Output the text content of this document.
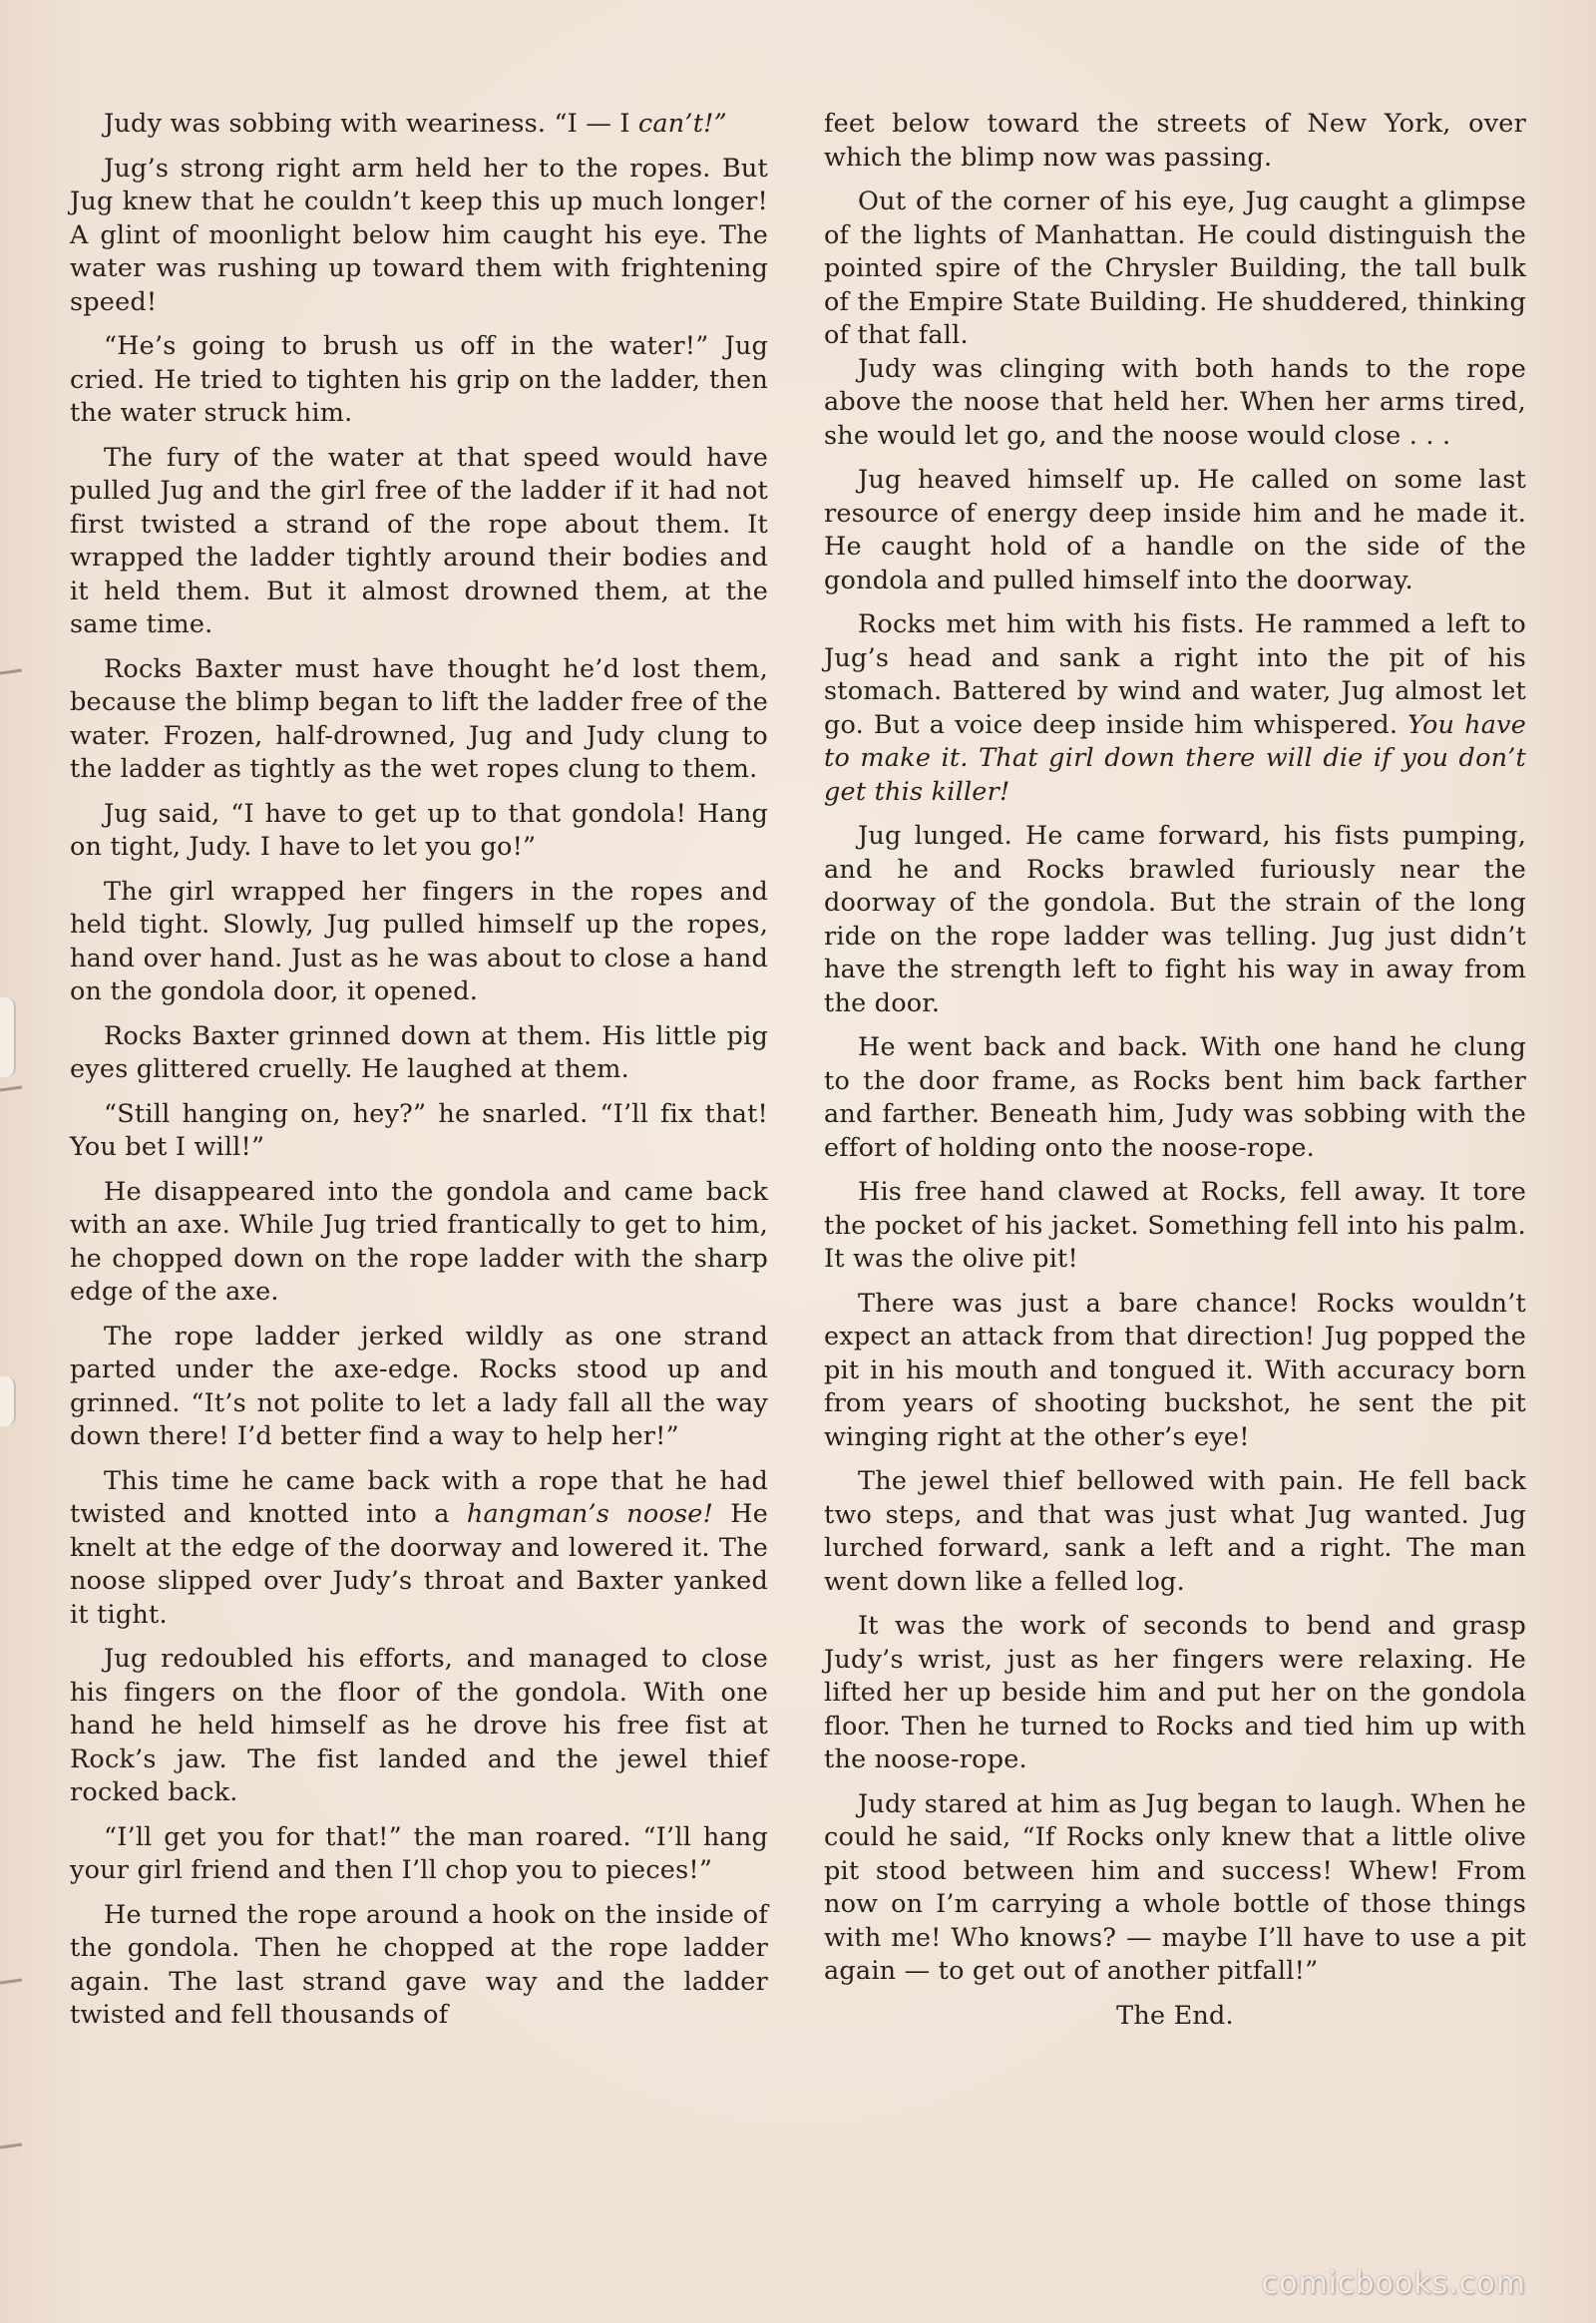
Judy was sobbing with weariness. “I — I can’t!”

Jug’s strong right arm held her to the ropes. But Jug knew that he couldn’t keep this up much longer! A glint of moonlight below him caught his eye. The water was rushing up toward them with frightening speed!

“He’s going to brush us off in the water!” Jug cried. He tried to tighten his grip on the ladder, then the water struck him.

The fury of the water at that speed would have pulled Jug and the girl free of the ladder if it had not first twisted a strand of the rope about them. It wrapped the ladder tightly around their bodies and it held them. But it almost drowned them, at the same time.

Rocks Baxter must have thought he’d lost them, because the blimp began to lift the ladder free of the water. Frozen, half-drowned, Jug and Judy clung to the ladder as tightly as the wet ropes clung to them.

Jug said, “I have to get up to that gondola! Hang on tight, Judy. I have to let you go!”

The girl wrapped her fingers in the ropes and held tight. Slowly, Jug pulled himself up the ropes, hand over hand. Just as he was about to close a hand on the gondola door, it opened.

Rocks Baxter grinned down at them. His little pig eyes glittered cruelly. He laughed at them.

“Still hanging on, hey?” he snarled. “I’ll fix that! You bet I will!”

He disappeared into the gondola and came back with an axe. While Jug tried frantically to get to him, he chopped down on the rope ladder with the sharp edge of the axe.

The rope ladder jerked wildly as one strand parted under the axe-edge. Rocks stood up and grinned. “It’s not polite to let a lady fall all the way down there! I’d better find a way to help her!”

This time he came back with a rope that he had twisted and knotted into a hangman’s noose! He knelt at the edge of the doorway and lowered it. The noose slipped over Judy’s throat and Baxter yanked it tight.

Jug redoubled his efforts, and managed to close his fingers on the floor of the gondola. With one hand he held himself as he drove his free fist at Rock’s jaw. The fist landed and the jewel thief rocked back.

“I’ll get you for that!” the man roared. “I’ll hang your girl friend and then I’ll chop you to pieces!”

He turned the rope around a hook on the inside of the gondola. Then he chopped at the rope ladder again. The last strand gave way and the ladder twisted and fell thousands of

feet below toward the streets of New York, over which the blimp now was passing.

Out of the corner of his eye, Jug caught a glimpse of the lights of Manhattan. He could distinguish the pointed spire of the Chrysler Building, the tall bulk of the Empire State Building. He shuddered, thinking of that fall.

Judy was clinging with both hands to the rope above the noose that held her. When her arms tired, she would let go, and the noose would close . . .

Jug heaved himself up. He called on some last resource of energy deep inside him and he made it. He caught hold of a handle on the side of the gondola and pulled himself into the doorway.

Rocks met him with his fists. He rammed a left to Jug’s head and sank a right into the pit of his stomach. Battered by wind and water, Jug almost let go. But a voice deep inside him whispered. You have to make it. That girl down there will die if you don’t get this killer!

Jug lunged. He came forward, his fists pumping, and he and Rocks brawled furiously near the doorway of the gondola. But the strain of the long ride on the rope ladder was telling. Jug just didn’t have the strength left to fight his way in away from the door.

He went back and back. With one hand he clung to the door frame, as Rocks bent him back farther and farther. Beneath him, Judy was sobbing with the effort of holding onto the noose-rope.

His free hand clawed at Rocks, fell away. It tore the pocket of his jacket. Something fell into his palm. It was the olive pit!

There was just a bare chance! Rocks wouldn’t expect an attack from that direction! Jug popped the pit in his mouth and tongued it. With accuracy born from years of shooting buckshot, he sent the pit winging right at the other’s eye!

The jewel thief bellowed with pain. He fell back two steps, and that was just what Jug wanted. Jug lurched forward, sank a left and a right. The man went down like a felled log.

It was the work of seconds to bend and grasp Judy’s wrist, just as her fingers were relaxing. He lifted her up beside him and put her on the gondola floor. Then he turned to Rocks and tied him up with the noose-rope.

Judy stared at him as Jug began to laugh. When he could he said, “If Rocks only knew that a little olive pit stood between him and success! Whew! From now on I’m carrying a whole bottle of those things with me! Who knows? — maybe I’ll have to use a pit again — to get out of another pitfall!”

The End.

comicbooks.com
